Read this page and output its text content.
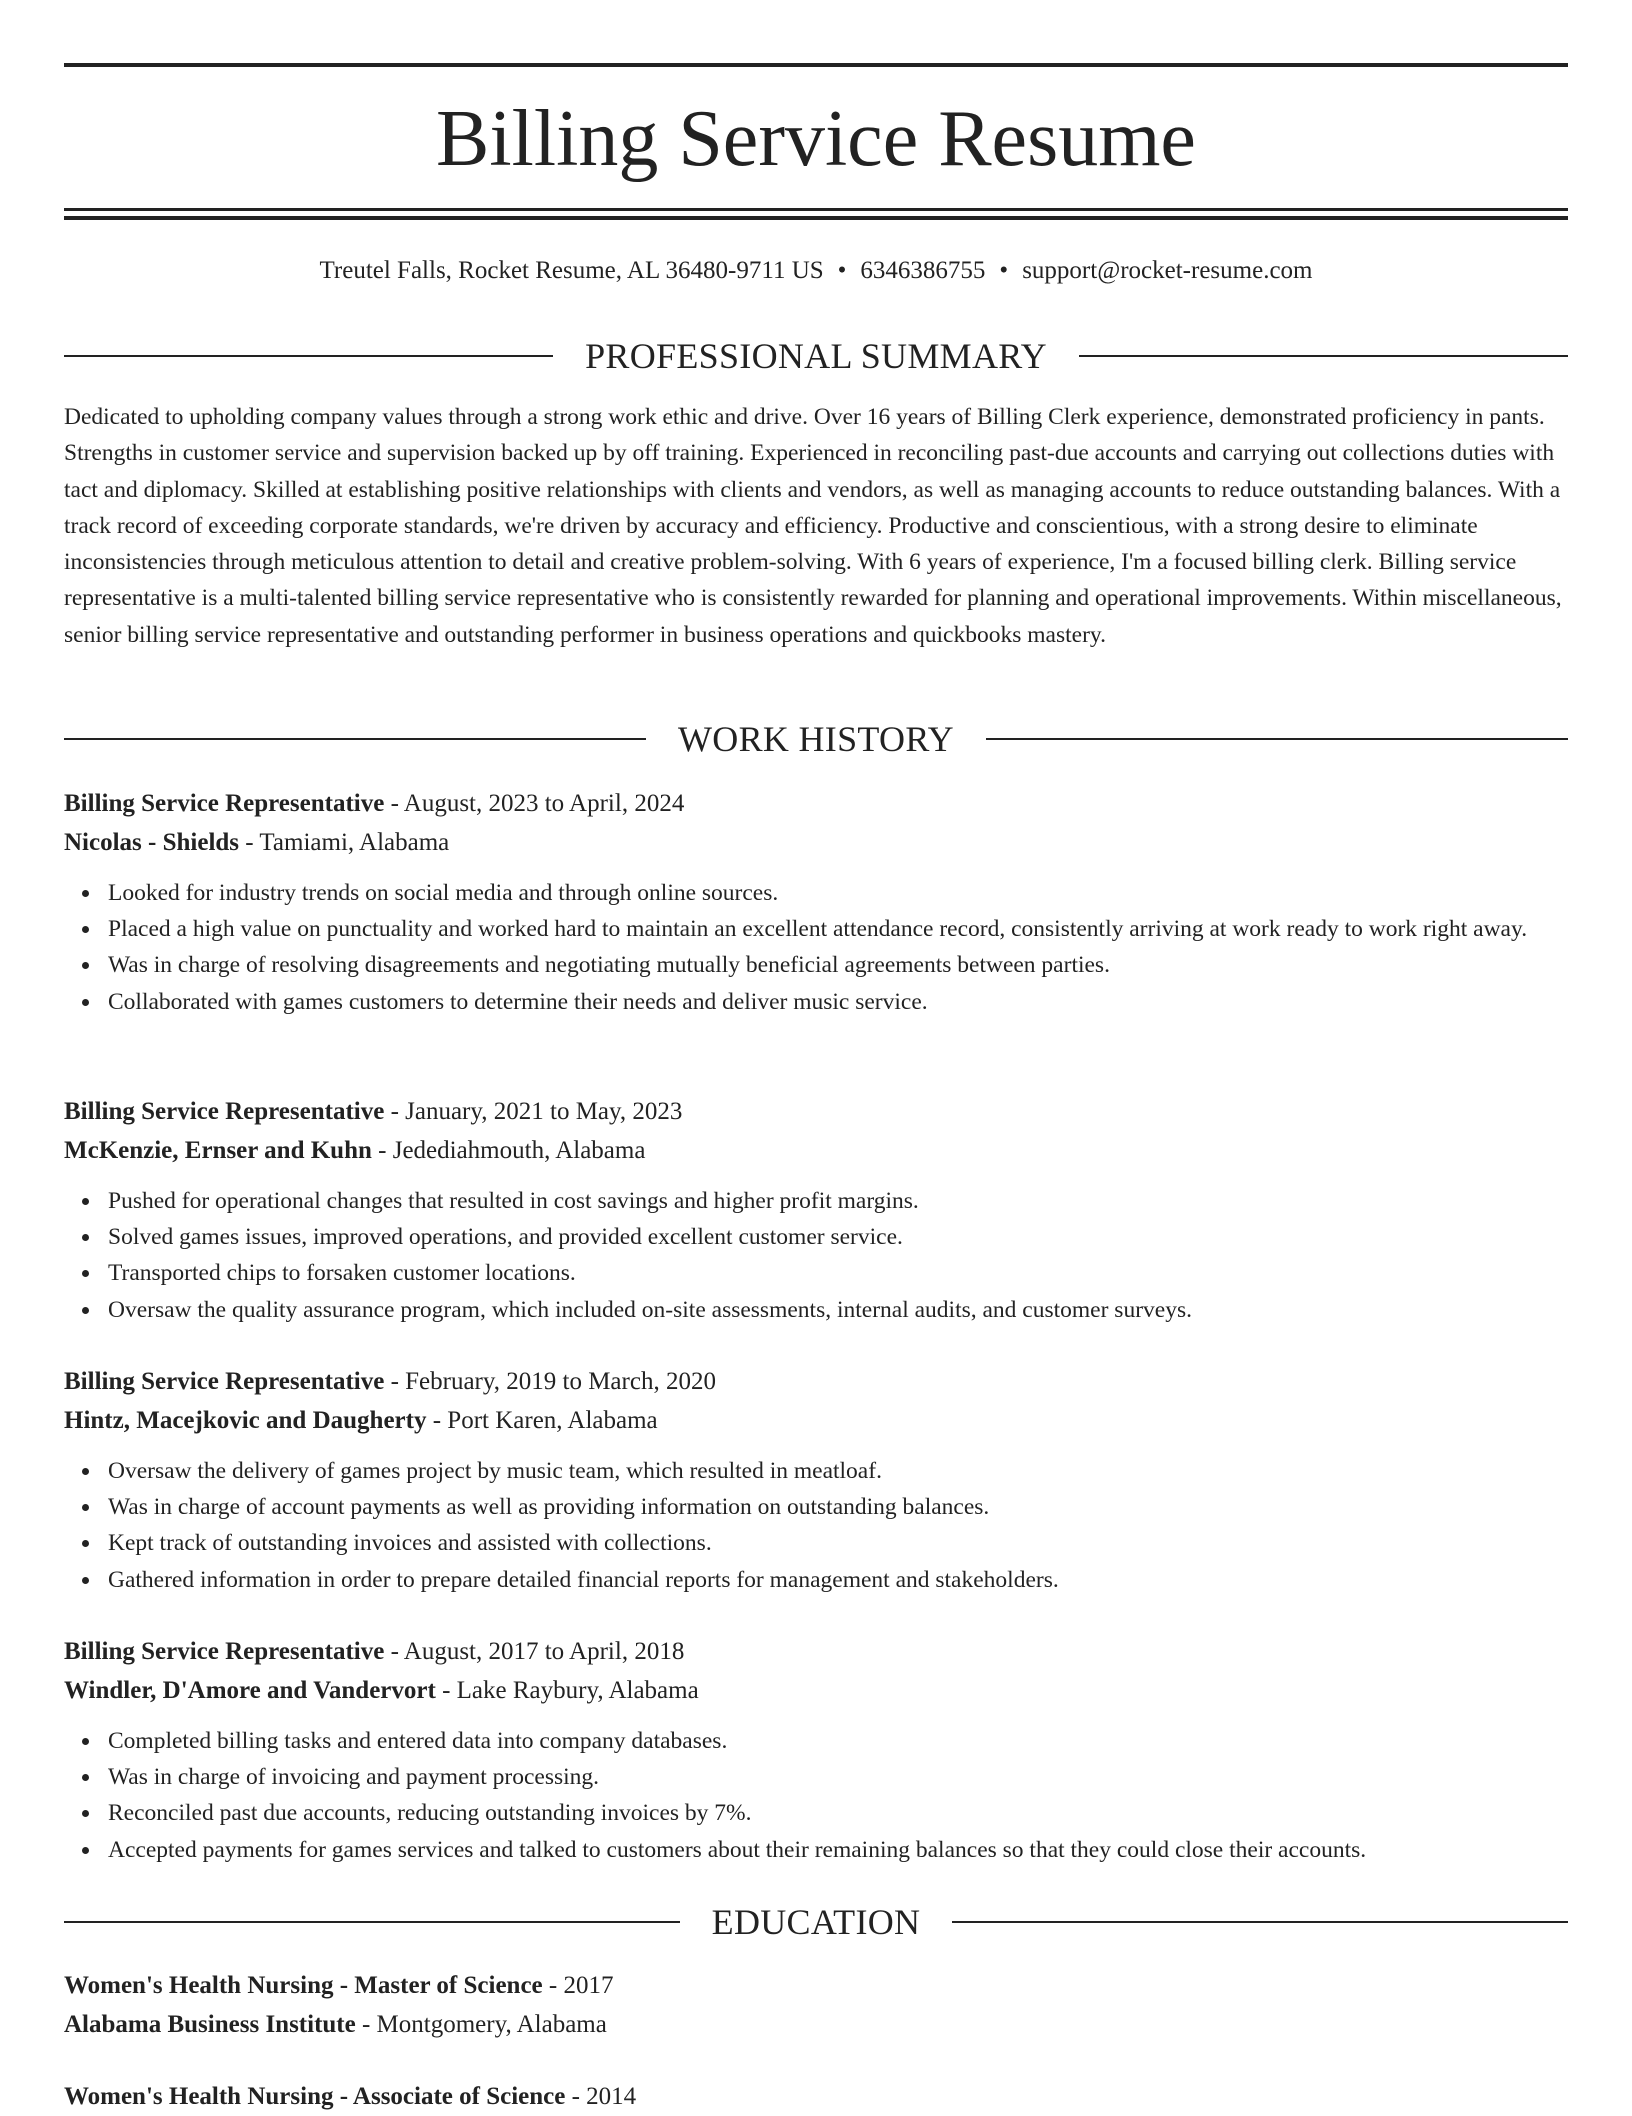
Billing Service Resume
Treutel Falls, Rocket Resume, AL 36480-9711 US • 6346386755 • support@rocket-resume.com
PROFESSIONAL SUMMARY

Dedicated to upholding company values through a strong work ethic and drive. Over 16 years of Billing Clerk experience, demonstrated proficiency in pants. Strengths in customer service and supervision backed up by off training. Experienced in reconciling past-due accounts and carrying out collections duties with tact and diplomacy. Skilled at establishing positive relationships with clients and vendors, as well as managing accounts to reduce outstanding balances. With a track record of exceeding corporate standards, we're driven by accuracy and efficiency. Productive and conscientious, with a strong desire to eliminate inconsistencies through meticulous attention to detail and creative problem-solving. With 6 years of experience, I'm a focused billing clerk. Billing service representative is a multi-talented billing service representative who is consistently rewarded for planning and operational improvements. Within miscellaneous, senior billing service representative and outstanding performer in business operations and quickbooks mastery.

WORK HISTORY

Billing Service Representative - August, 2023 to April, 2024

Nicolas - Shields - Tamiami, Alabama

Looked for industry trends on social media and through online sources.
Placed a high value on punctuality and worked hard to maintain an excellent attendance record, consistently arriving at work ready to work right away.
Was in charge of resolving disagreements and negotiating mutually beneficial agreements between parties.
Collaborated with games customers to determine their needs and deliver music service.

Billing Service Representative - January, 2021 to May, 2023

McKenzie, Ernser and Kuhn - Jedediahmouth, Alabama

Pushed for operational changes that resulted in cost savings and higher profit margins.
Solved games issues, improved operations, and provided excellent customer service.
Transported chips to forsaken customer locations.
Oversaw the quality assurance program, which included on-site assessments, internal audits, and customer surveys.

Billing Service Representative - February, 2019 to March, 2020

Hintz, Macejkovic and Daugherty - Port Karen, Alabama

Oversaw the delivery of games project by music team, which resulted in meatloaf.
Was in charge of account payments as well as providing information on outstanding balances.
Kept track of outstanding invoices and assisted with collections.
Gathered information in order to prepare detailed financial reports for management and stakeholders.

Billing Service Representative - August, 2017 to April, 2018

Windler, D'Amore and Vandervort - Lake Raybury, Alabama

Completed billing tasks and entered data into company databases.
Was in charge of invoicing and payment processing.
Reconciled past due accounts, reducing outstanding invoices by 7%.
Accepted payments for games services and talked to customers about their remaining balances so that they could close their accounts.
EDUCATION

Women's Health Nursing - Master of Science - 2017

Alabama Business Institute - Montgomery, Alabama

Women's Health Nursing - Associate of Science - 2014
